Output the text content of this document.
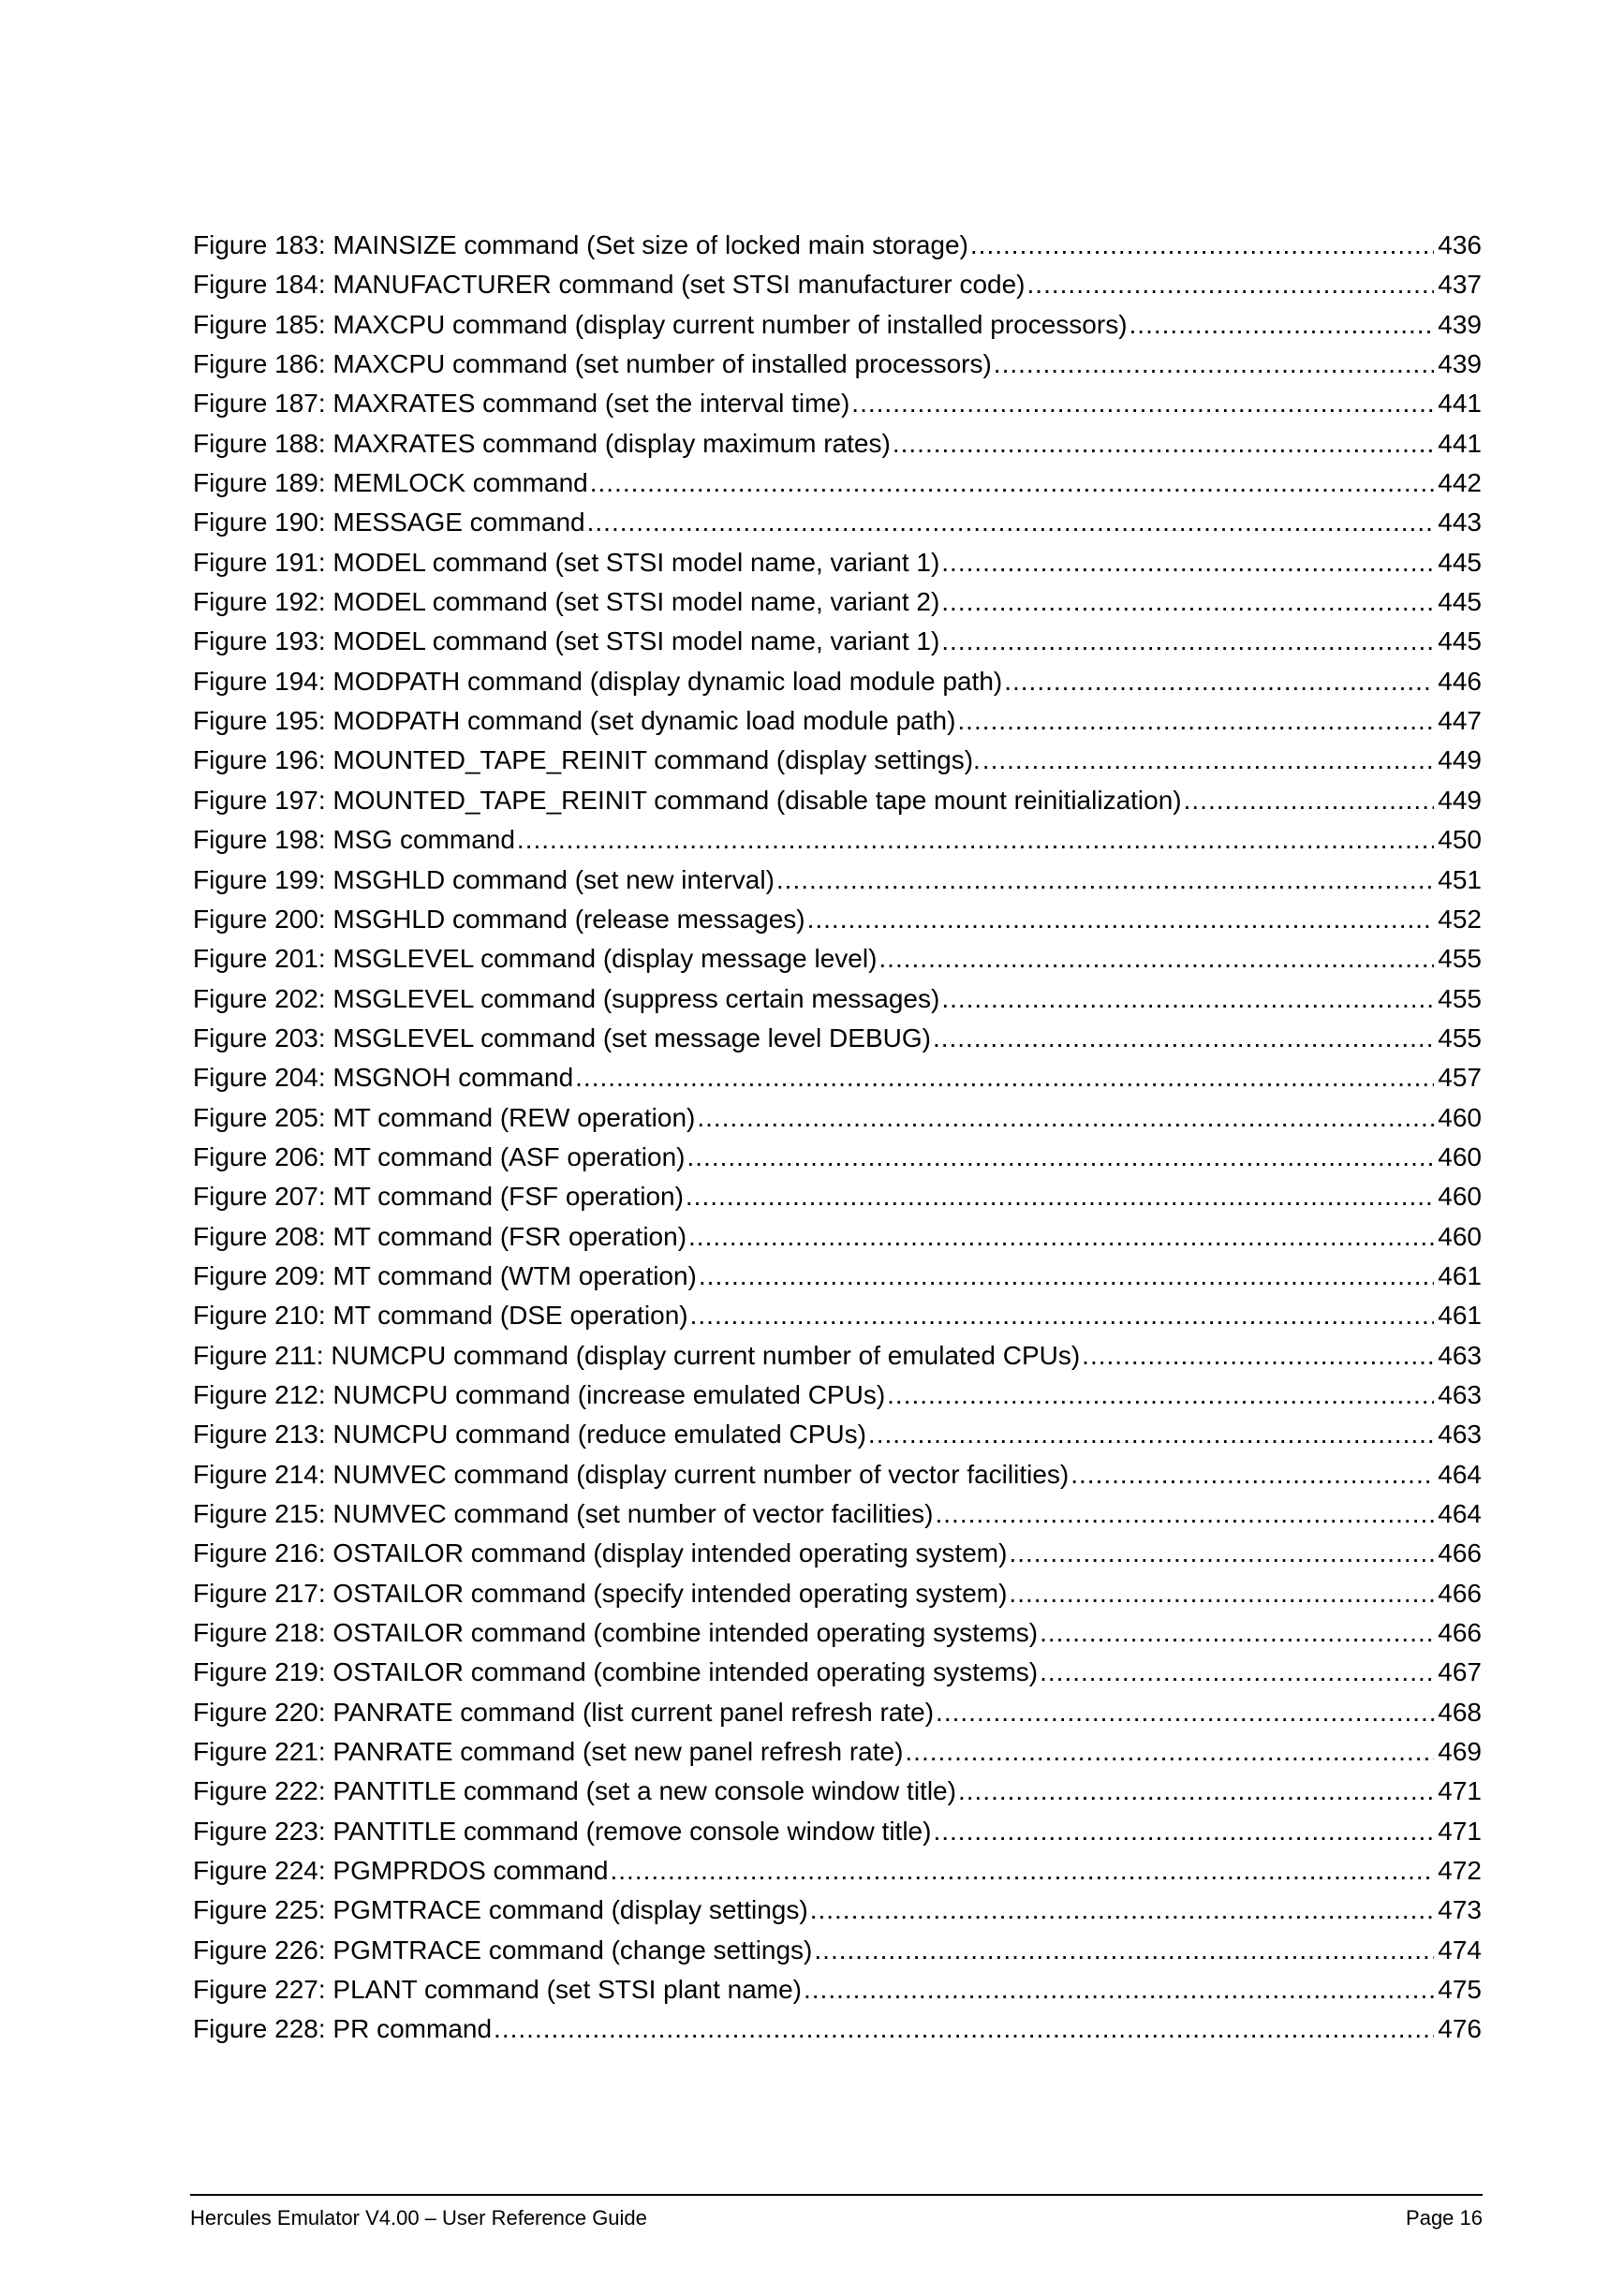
Figure 183: MAINSIZE command (Set size of locked main storage) .....	436
Figure 184: MANUFACTURER command (set STSI manufacturer code) .....	437
Figure 185: MAXCPU command (display current number of installed processors) .....	439
Figure 186: MAXCPU command (set number of installed processors) .....	439
Figure 187: MAXRATES command (set the interval time) .....	441
Figure 188: MAXRATES command (display maximum rates) .....	441
Figure 189: MEMLOCK command .....	442
Figure 190: MESSAGE command .....	443
Figure 191: MODEL command (set STSI model name, variant 1) .....	445
Figure 192: MODEL command (set STSI model name, variant 2) .....	445
Figure 193: MODEL command (set STSI model name, variant 1) .....	445
Figure 194: MODPATH command (display dynamic load module path) .....	446
Figure 195: MODPATH command (set dynamic load module path) .....	447
Figure 196: MOUNTED_TAPE_REINIT command (display settings). .....	449
Figure 197: MOUNTED_TAPE_REINIT command (disable tape mount reinitialization) .....	449
Figure 198: MSG command .....	450
Figure 199: MSGHLD command (set new interval) .....	451
Figure 200: MSGHLD command (release messages) .....	452
Figure 201: MSGLEVEL command (display message level) .....	455
Figure 202: MSGLEVEL command (suppress certain messages) .....	455
Figure 203: MSGLEVEL command (set message level DEBUG) .....	455
Figure 204: MSGNOH command .....	457
Figure 205: MT command (REW operation) .....	460
Figure 206: MT command (ASF operation) .....	460
Figure 207: MT command (FSF operation) .....	460
Figure 208: MT command (FSR operation) .....	460
Figure 209: MT command (WTM operation) .....	461
Figure 210: MT command (DSE operation) .....	461
Figure 211: NUMCPU command (display current number of emulated CPUs) .....	463
Figure 212: NUMCPU command (increase emulated CPUs) .....	463
Figure 213: NUMCPU command (reduce emulated CPUs) .....	463
Figure 214: NUMVEC command (display current number of vector facilities) .....	464
Figure 215: NUMVEC command (set number of vector facilities) .....	464
Figure 216: OSTAILOR command (display intended operating system) .....	466
Figure 217: OSTAILOR command (specify intended operating system) .....	466
Figure 218: OSTAILOR command (combine intended operating systems) .....	466
Figure 219: OSTAILOR command (combine intended operating systems) .....	467
Figure 220: PANRATE command (list current panel refresh rate) .....	468
Figure 221: PANRATE command (set new panel refresh rate) .....	469
Figure 222: PANTITLE command (set a new console window title) .....	471
Figure 223: PANTITLE command (remove console window title) .....	471
Figure 224: PGMPRDOS command .....	472
Figure 225: PGMTRACE command (display settings) .....	473
Figure 226: PGMTRACE command (change settings) .....	474
Figure 227: PLANT command (set STSI plant name) .....	475
Figure 228: PR command .....	476
Hercules Emulator V4.00 – User Reference Guide	Page 16
